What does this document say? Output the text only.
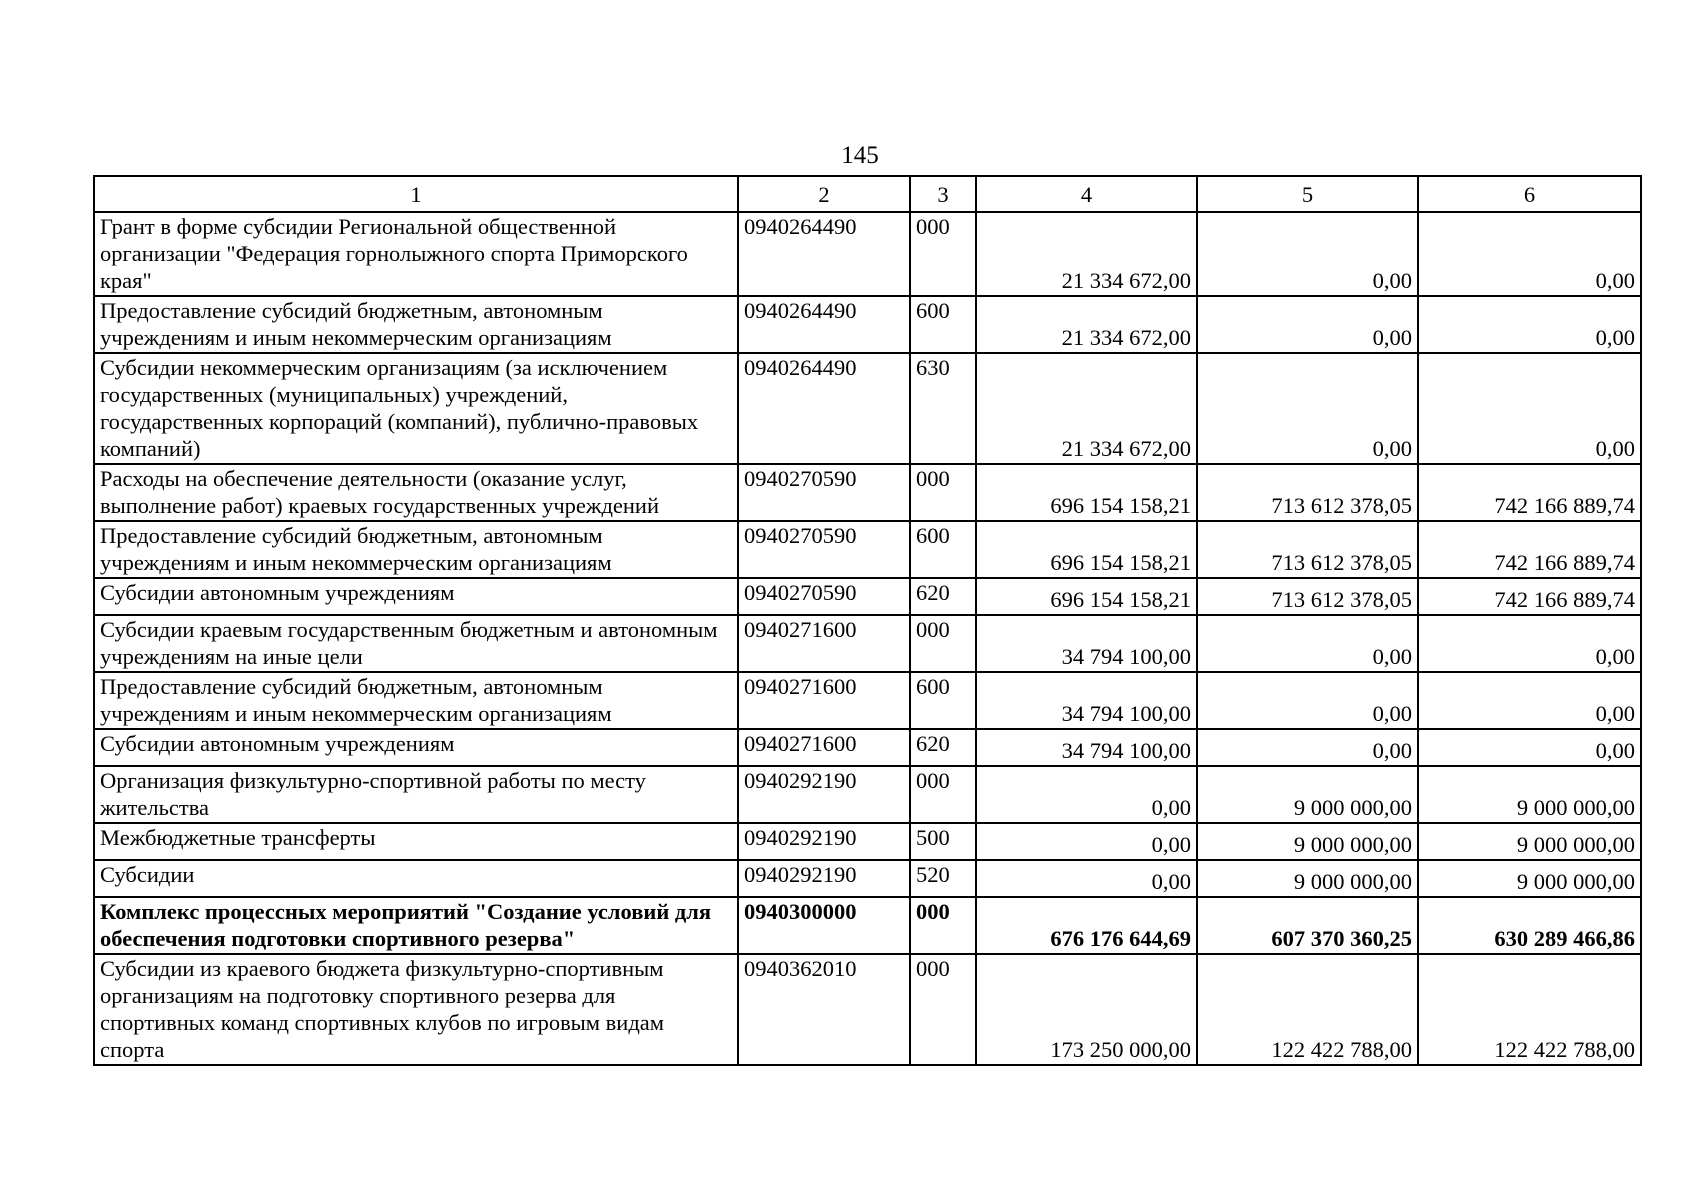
145
1	2	3	4	5	6
Грант в форме субсидии Региональной общественной организации "Федерация горнолыжного спорта Приморского края"	0940264490	000	21 334 672,00	0,00	0,00
Предоставление субсидий бюджетным, автономным учреждениям и иным некоммерческим организациям	0940264490	600	21 334 672,00	0,00	0,00
Субсидии некоммерческим организациям (за исключением государственных (муниципальных) учреждений, государственных корпораций (компаний), публично-правовых компаний)	0940264490	630	21 334 672,00	0,00	0,00
Расходы на обеспечение деятельности (оказание услуг, выполнение работ) краевых государственных учреждений	0940270590	000	696 154 158,21	713 612 378,05	742 166 889,74
Предоставление субсидий бюджетным, автономным учреждениям и иным некоммерческим организациям	0940270590	600	696 154 158,21	713 612 378,05	742 166 889,74
Субсидии автономным учреждениям	0940270590	620	696 154 158,21	713 612 378,05	742 166 889,74
Субсидии краевым государственным бюджетным и автономным учреждениям на иные цели	0940271600	000	34 794 100,00	0,00	0,00
Предоставление субсидий бюджетным, автономным учреждениям и иным некоммерческим организациям	0940271600	600	34 794 100,00	0,00	0,00
Субсидии автономным учреждениям	0940271600	620	34 794 100,00	0,00	0,00
Организация физкультурно-спортивной работы по месту жительства	0940292190	000	0,00	9 000 000,00	9 000 000,00
Межбюджетные трансферты	0940292190	500	0,00	9 000 000,00	9 000 000,00
Субсидии	0940292190	520	0,00	9 000 000,00	9 000 000,00
Комплекс процессных мероприятий "Создание условий для обеспечения подготовки спортивного резерва"	0940300000	000	676 176 644,69	607 370 360,25	630 289 466,86
Субсидии из краевого бюджета физкультурно-спортивным организациям на подготовку спортивного резерва для спортивных команд спортивных клубов по игровым видам спорта	0940362010	000	173 250 000,00	122 422 788,00	122 422 788,00
